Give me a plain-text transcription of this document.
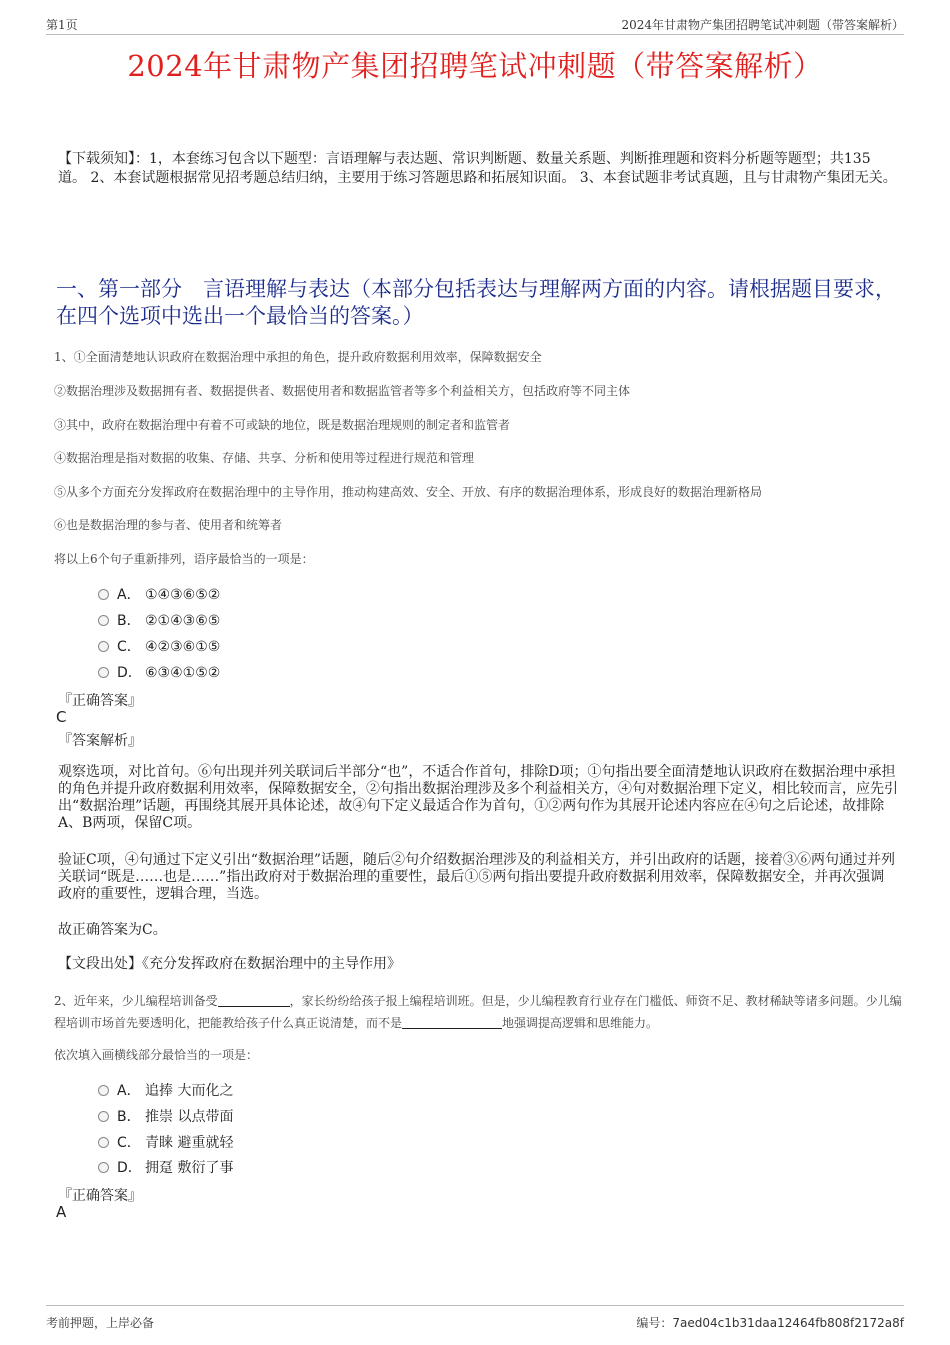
第1页	2024年甘肃物产集团招聘笔试冲刺题（带答案解析）
2024年甘肃物产集团招聘笔试冲刺题（带答案解析）
【下载须知】：1，本套练习包含以下题型：言语理解与表达题、常识判断题、数量关系题、判断推理题和资料分析题等题型；共135道。 2、本套试题根据常见招考题总结归纳，主要用于练习答题思路和拓展知识面。 3、本套试题非考试真题，且与甘肃物产集团无关。
一、第一部分　言语理解与表达（本部分包括表达与理解两方面的内容。请根据题目要求，在四个选项中选出一个最恰当的答案。）
1、①全面清楚地认识政府在数据治理中承担的角色，提升政府数据利用效率，保障数据安全
②数据治理涉及数据拥有者、数据提供者、数据使用者和数据监管者等多个利益相关方，包括政府等不同主体
③其中，政府在数据治理中有着不可或缺的地位，既是数据治理规则的制定者和监管者
④数据治理是指对数据的收集、存储、共享、分析和使用等过程进行规范和管理
⑤从多个方面充分发挥政府在数据治理中的主导作用，推动构建高效、安全、开放、有序的数据治理体系，形成良好的数据治理新格局
⑥也是数据治理的参与者、使用者和统筹者
将以上6个句子重新排列，语序最恰当的一项是：
A． ①④③⑥⑤②
B． ②①④③⑥⑤
C． ④②③⑥①⑤
D． ⑥③④①⑤②
『正确答案』
C
『答案解析』
观察选项，对比首句。⑥句出现并列关联词后半部分“也”，不适合作首句，排除D项；①句指出要全面清楚地认识政府在数据治理中承担的角色并提升政府数据利用效率，保障数据安全，②句指出数据治理涉及多个利益相关方，④句对数据治理下定义，相比较而言，应先引出“数据治理”话题，再围绕其展开具体论述，故④句下定义最适合作为首句，①②两句作为其展开论述内容应在④句之后论述，故排除A、B两项，保留C项。
验证C项，④句通过下定义引出“数据治理”话题，随后②句介绍数据治理涉及的利益相关方，并引出政府的话题，接着③⑥两句通过并列关联词“既是……也是……”指出政府对于数据治理的重要性，最后①⑤两句指出要提升政府数据利用效率，保障数据安全，并再次强调政府的重要性，逻辑合理，当选。
故正确答案为C。
【文段出处】《充分发挥政府在数据治理中的主导作用》
2、近年来，少儿编程培训备受	，家长纷纷给孩子报上编程培训班。但是，少儿编程教育行业存在门槛低、师资不足、教材稀缺等诸多问题。少儿编程培训市场首先要透明化，把能教给孩子什么真正说清楚，而不是	地强调提高逻辑和思维能力。
依次填入画横线部分最恰当的一项是：
A． 追捧 大而化之
B． 推崇 以点带面
C． 青睐 避重就轻
D． 拥趸 敷衍了事
『正确答案』
A
考前押题，上岸必备	编号：7aed04c1b31daa12464fb808f2172a8f
